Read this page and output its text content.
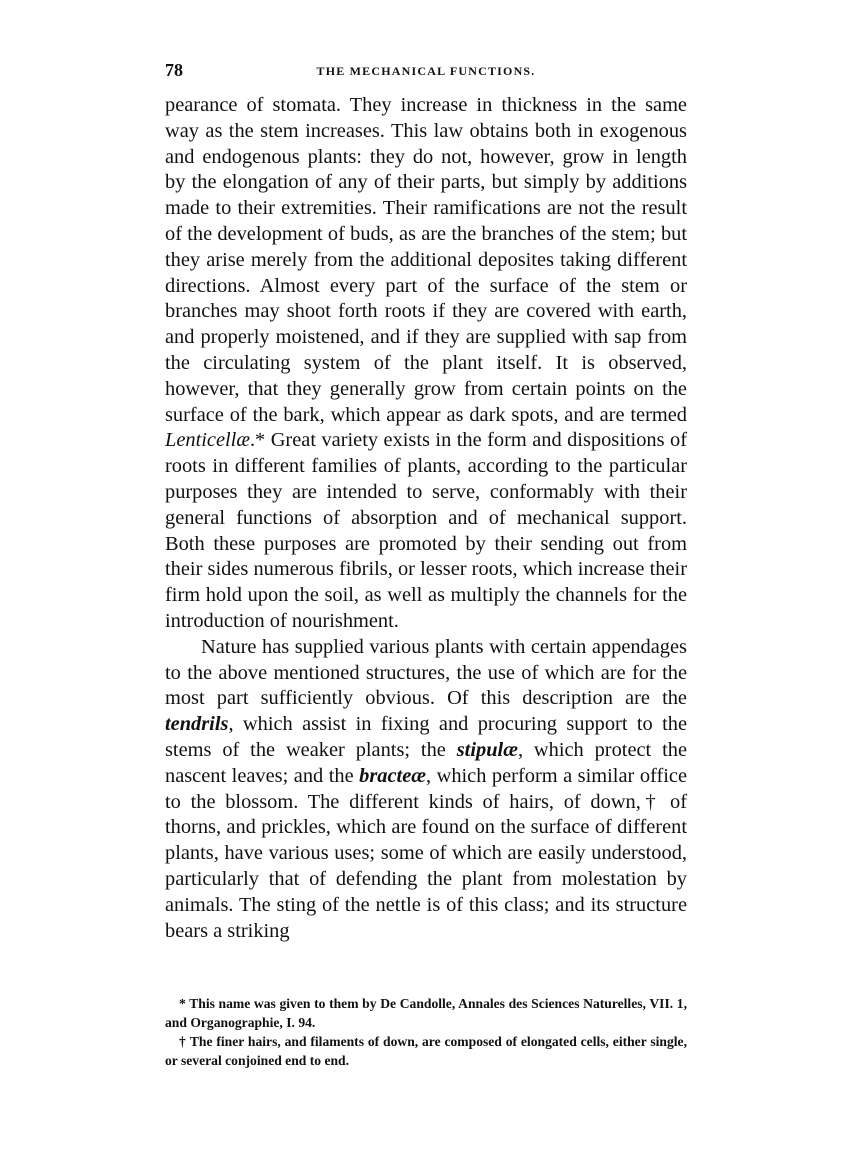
78	THE MECHANICAL FUNCTIONS.

pearance of stomata. They increase in thickness in the same way as the stem increases. This law obtains both in exogenous and endogenous plants: they do not, however, grow in length by the elongation of any of their parts, but simply by additions made to their extremities. Their ramifications are not the result of the development of buds, as are the branches of the stem; but they arise merely from the additional deposites taking different directions. Almost every part of the surface of the stem or branches may shoot forth roots if they are covered with earth, and properly moistened, and if they are supplied with sap from the circulating system of the plant itself. It is observed, however, that they generally grow from certain points on the surface of the bark, which appear as dark spots, and are termed Lenticellæ.* Great variety exists in the form and dispositions of roots in different families of plants, according to the particular purposes they are intended to serve, conformably with their general functions of absorption and of mechanical support. Both these purposes are promoted by their sending out from their sides numerous fibrils, or lesser roots, which increase their firm hold upon the soil, as well as multiply the channels for the introduction of nourishment.

Nature has supplied various plants with certain appendages to the above mentioned structures, the use of which are for the most part sufficiently obvious. Of this description are the tendrils, which assist in fixing and procuring support to the stems of the weaker plants; the stipulæ, which protect the nascent leaves; and the bracteæ, which perform a similar office to the blossom. The different kinds of hairs, of down,† of thorns, and prickles, which are found on the surface of different plants, have various uses; some of which are easily understood, particularly that of defending the plant from molestation by animals. The sting of the nettle is of this class; and its structure bears a striking

* This name was given to them by De Candolle, Annales des Sciences Naturelles, VII. 1, and Organographie, I. 94.

† The finer hairs, and filaments of down, are composed of elongated cells, either single, or several conjoined end to end.
